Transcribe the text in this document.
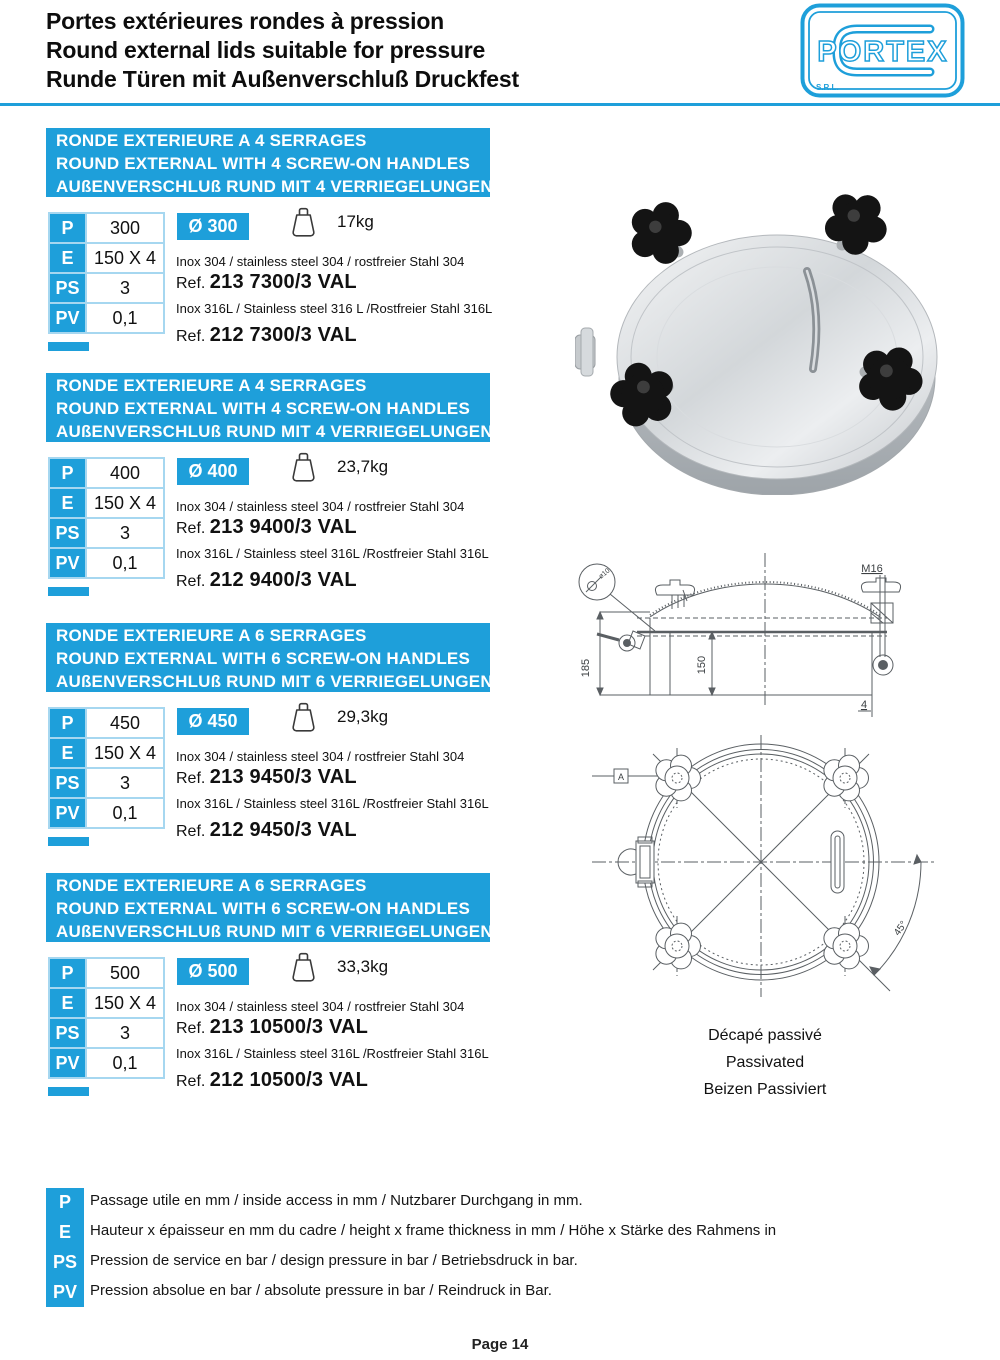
Portes extérieures rondes à pression
Round external lids suitable for pressure
Runde Türen mit Außenverschluß Druckfest
PORTEX
S.R.L.
RONDE EXTERIEURE A 4 SERRAGES
ROUND EXTERNAL WITH 4 SCREW-ON HANDLES
AUßENVERSCHLUß RUND MIT 4 VERRIEGELUNGEN
P	300
E	150 X 4
PS	3
PV	0,1
Ø 300	17kg
Inox 304 / stainless steel 304 / rostfreier Stahl 304
Ref. 213 7300/3 VAL
Inox 316L / Stainless steel 316 L /Rostfreier Stahl 316L
Ref. 212 7300/3 VAL
RONDE EXTERIEURE A 4 SERRAGES
ROUND EXTERNAL WITH 4 SCREW-ON HANDLES
AUßENVERSCHLUß RUND MIT 4 VERRIEGELUNGEN
P	400
E	150 X 4
PS	3
PV	0,1
Ø 400	23,7kg
Inox 304 / stainless steel 304 / rostfreier Stahl 304
Ref. 213 9400/3 VAL
Inox 316L / Stainless steel 316L /Rostfreier Stahl 316L
Ref. 212 9400/3 VAL
RONDE EXTERIEURE A 6 SERRAGES
ROUND EXTERNAL WITH 6 SCREW-ON HANDLES
AUßENVERSCHLUß RUND MIT 6 VERRIEGELUNGEN
P	450
E	150 X 4
PS	3
PV	0,1
Ø 450	29,3kg
Inox 304 / stainless steel 304 / rostfreier Stahl 304
Ref. 213 9450/3 VAL
Inox 316L / Stainless steel 316L /Rostfreier Stahl 316L
Ref. 212 9450/3 VAL
RONDE EXTERIEURE A 6 SERRAGES
ROUND EXTERNAL WITH 6 SCREW-ON HANDLES
AUßENVERSCHLUß RUND MIT 6 VERRIEGELUNGEN
P	500
E	150 X 4
PS	3
PV	0,1
Ø 500	33,3kg
Inox 304 / stainless steel 304 / rostfreier Stahl 304
Ref. 213 10500/3 VAL
Inox 316L / Stainless steel 316L /Rostfreier Stahl 316L
Ref. 212 10500/3 VAL
185	150
M16
4
ø10
A
45°
Décapé passivé
Passivated
Beizen Passiviert
P	Passage utile en mm / inside access in mm / Nutzbarer Durchgang in mm.
E	Hauteur x épaisseur en mm du cadre / height x frame thickness in mm / Höhe x Stärke des Rahmens in
PS Pression de service en bar / design pressure in bar / Betriebsdruck in bar.
PV Pression absolue en bar / absolute pressure in bar / Reindruck in Bar.
Page 14
